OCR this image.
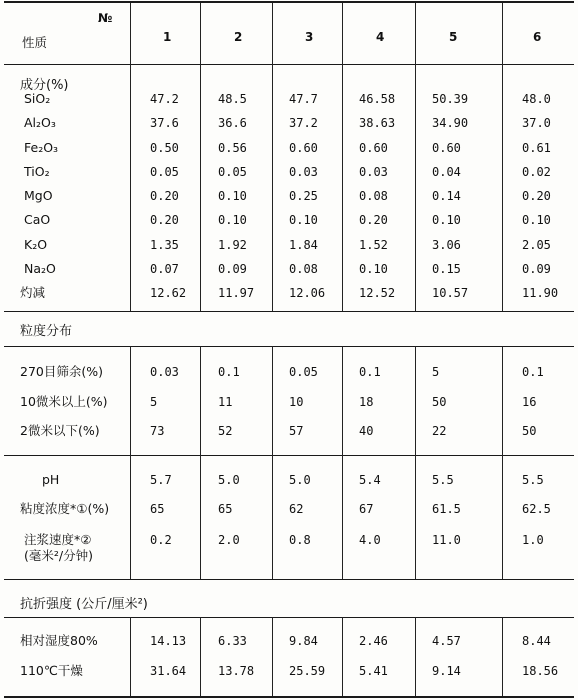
№
性质	1	2	3	4	5	6
成分(%)
粒度分布
抗折强度 (公斤/厘米²)
SiO₂	47.2	48.5	47.7	46.58	50.39	48.0
Al₂O₃	37.6	36.6	37.2	38.63	34.90	37.0
Fe₂O₃	0.50	0.56	0.60	0.60	0.60	0.61
TiO₂	0.05	0.05	0.03	0.03	0.04	0.02
MgO	0.20	0.10	0.25	0.08	0.14	0.20
CaO	0.20	0.10	0.10	0.20	0.10	0.10
K₂O	1.35	1.92	1.84	1.52	3.06	2.05
Na₂O	0.07	0.09	0.08	0.10	0.15	0.09
灼减	12.62	11.97	12.06	12.52	10.57	11.90
270目筛余(%)	0.03	0.1	0.05	0.1	5	0.1
10微米以上(%)	5	11	10	18	50	16
2微米以下(%)	73	52	57	40	22	50
pH	5.7	5.0	5.0	5.4	5.5	5.5
粘度浓度*①(%)	65	65	62	67	61.5	62.5
注浆速度*②
(毫米²/分钟)
0.2	2.0	0.8	4.0	11.0	1.0
相对湿度80%	14.13	6.33	9.84	2.46	4.57	8.44
110℃干燥	31.64	13.78	25.59	5.41	9.14	18.56
